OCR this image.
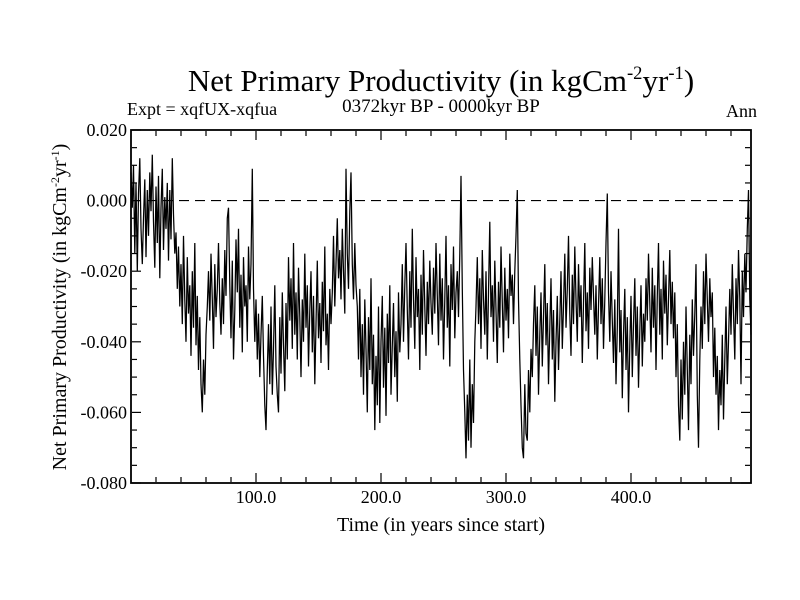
Net Primary Productivity (in $kgCm^{-2}yr^{-1}$)
0372kyr BP - 0000kyr BP
Expt = xqfUX-xqfua	Ann
Net Primary Productivity (in $kgCm^{-2}yr^{-1}$)
100.0	200.0	300.0	400.0
0.020
0.000
-0.020
-0.040
-0.060
-0.080
Time (in years since start)
